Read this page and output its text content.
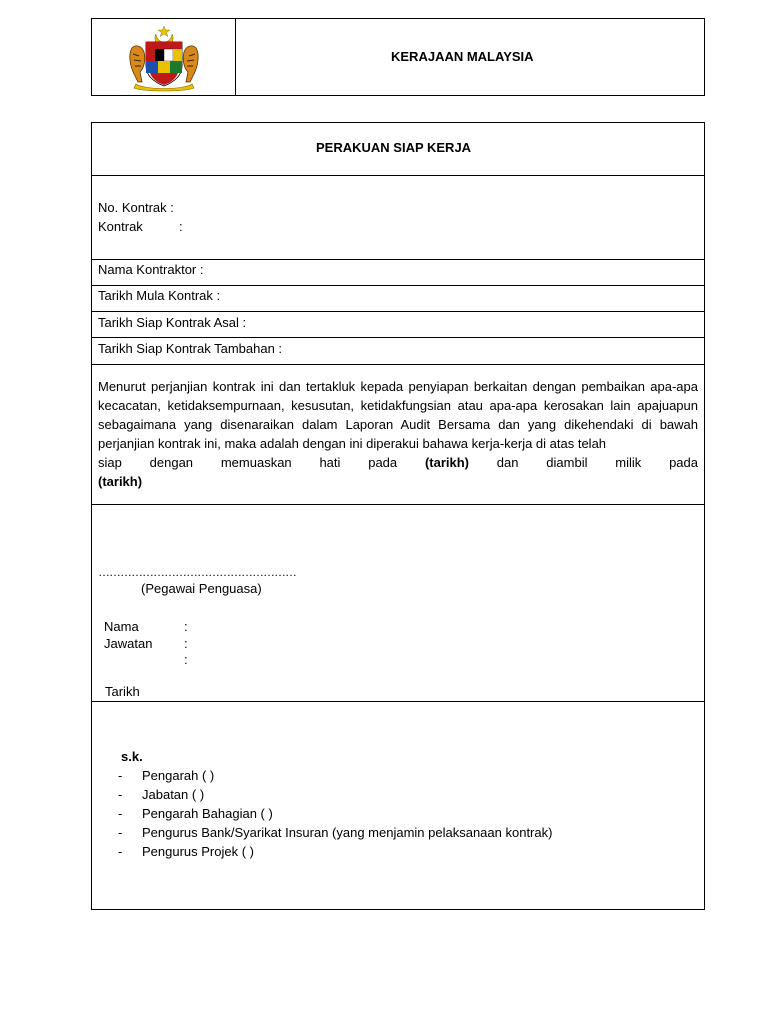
KERAJAAN MALAYSIA
PERAKUAN SIAP KERJA
No. Kontrak :
Kontrak	:
Nama Kontraktor :
Tarikh Mula Kontrak :
Tarikh Siap Kontrak Asal :
Tarikh Siap Kontrak Tambahan :
Menurut perjanjian kontrak ini dan tertakluk kepada penyiapan berkaitan dengan pembaikan apa-apa kecacatan, ketidaksempurnaan, kesusutan, ketidakfungsian atau apa-apa kerosakan lain apajuapun sebagaimana yang disenaraikan dalam Laporan Audit Bersama dan yang dikehendaki di bawah perjanjian kontrak ini, maka adalah dengan ini diperakui bahawa kerja-kerja di atas telah
siap dengan memuaskan hati pada (tarikh) dan diambil milik pada
(tarikh)
………………………………………………
(Pegawai Penguasa)
Nama	:
Jawatan :
:
Tarikh
s.k.
- Pengarah ( )
- Jabatan ( )
- Pengarah Bahagian ( )
- Pengurus Bank/Syarikat Insuran (yang menjamin pelaksanaan kontrak)
- Pengurus Projek ( )
